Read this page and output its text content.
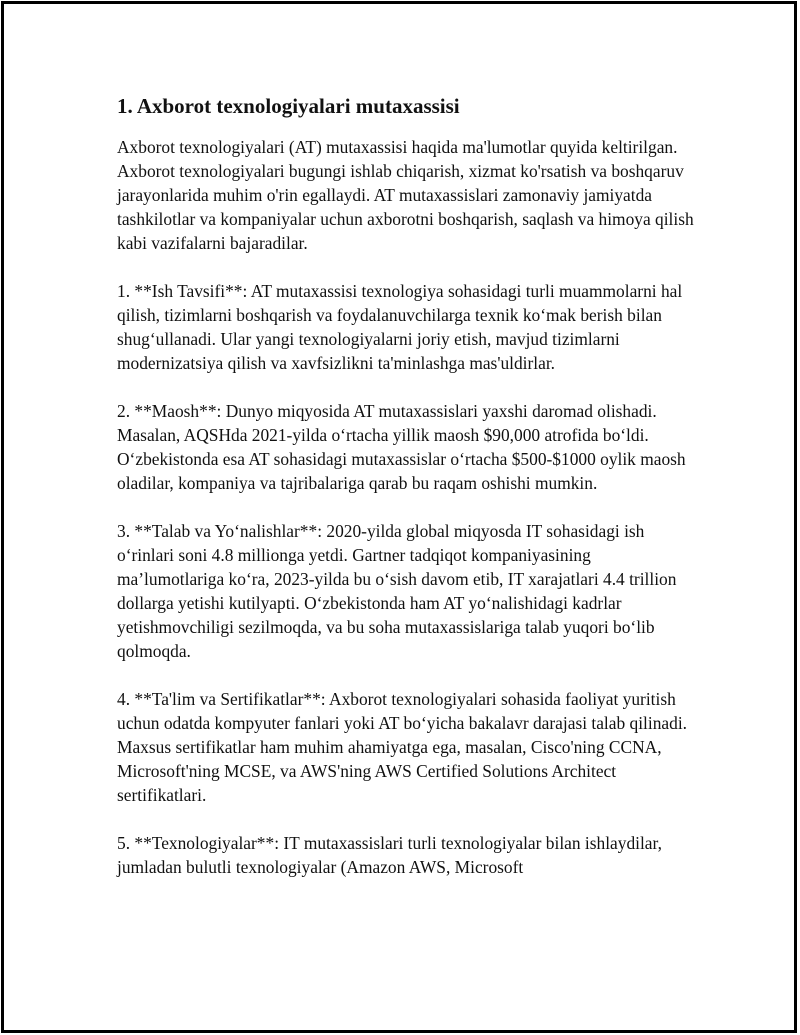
1. Axborot texnologiyalari mutaxassisi

Axborot texnologiyalari (AT) mutaxassisi haqida ma'lumotlar quyida keltirilgan. Axborot texnologiyalari bugungi ishlab chiqarish, xizmat ko'rsatish va boshqaruv jarayonlarida muhim o'rin egallaydi. AT mutaxassislari zamonaviy jamiyatda tashkilotlar va kompaniyalar uchun axborotni boshqarish, saqlash va himoya qilish kabi vazifalarni bajaradilar.

1. **Ish Tavsifi**: AT mutaxassisi texnologiya sohasidagi turli muammolarni hal qilish, tizimlarni boshqarish va foydalanuvchilarga texnik ko‘mak berish bilan shug‘ullanadi. Ular yangi texnologiyalarni joriy etish, mavjud tizimlarni modernizatsiya qilish va xavfsizlikni ta'minlashga mas'uldirlar.

2. **Maosh**: Dunyo miqyosida AT mutaxassislari yaxshi daromad olishadi. Masalan, AQSHda 2021-yilda o‘rtacha yillik maosh $90,000 atrofida bo‘ldi. O‘zbekistonda esa AT sohasidagi mutaxassislar o‘rtacha $500-$1000 oylik maosh oladilar, kompaniya va tajribalariga qarab bu raqam oshishi mumkin.

3. **Talab va Yo‘nalishlar**: 2020-yilda global miqyosda IT sohasidagi ish o‘rinlari soni 4.8 millionga yetdi. Gartner tadqiqot kompaniyasining ma’lumotlariga ko‘ra, 2023-yilda bu o‘sish davom etib, IT xarajatlari 4.4 trillion dollarga yetishi kutilyapti. O‘zbekistonda ham AT yo‘nalishidagi kadrlar yetishmovchiligi sezilmoqda, va bu soha mutaxassislariga talab yuqori bo‘lib qolmoqda.

4. **Ta'lim va Sertifikatlar**: Axborot texnologiyalari sohasida faoliyat yuritish uchun odatda kompyuter fanlari yoki AT bo‘yicha bakalavr darajasi talab qilinadi. Maxsus sertifikatlar ham muhim ahamiyatga ega, masalan, Cisco'ning CCNA, Microsoft'ning MCSE, va AWS'ning AWS Certified Solutions Architect sertifikatlari.

5. **Texnologiyalar**: IT mutaxassislari turli texnologiyalar bilan ishlaydilar, jumladan bulutli texnologiyalar (Amazon AWS, Microsoft
